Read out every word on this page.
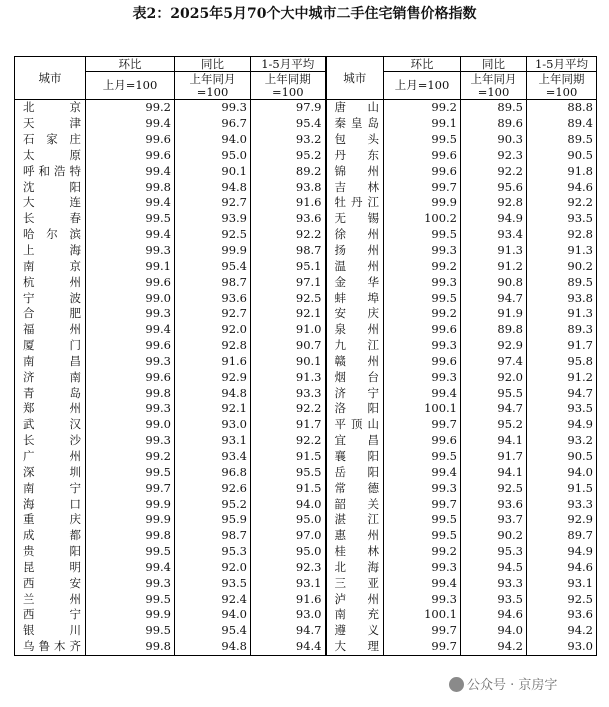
表2：2025年5月70个大中城市二手住宅销售价格指数
城市	环比	同比	1-5月平均	城市	环比	同比	1-5月平均
	上月=100	上年同月=100	上年同期=100		上月=100	上年同月=100	上年同期=100
北京	99.2	99.3	97.9	唐山	99.2	89.5	88.8
天津	99.4	96.7	95.4	秦皇岛	99.1	89.6	89.4
石家庄	99.6	94.0	93.2	包头	99.5	90.3	89.5
太原	99.6	95.0	95.2	丹东	99.6	92.3	90.5
呼和浩特	99.4	90.1	89.2	锦州	99.6	92.2	91.8
沈阳	99.8	94.8	93.8	吉林	99.7	95.6	94.6
大连	99.4	92.7	91.6	牡丹江	99.9	92.8	92.2
长春	99.5	93.9	93.6	无锡	100.2	94.9	93.5
哈尔滨	99.4	92.5	92.2	徐州	99.5	93.4	92.8
上海	99.3	99.9	98.7	扬州	99.3	91.3	91.3
南京	99.1	95.4	95.1	温州	99.2	91.2	90.2
杭州	99.6	98.7	97.1	金华	99.3	90.8	89.5
宁波	99.0	93.6	92.5	蚌埠	99.5	94.7	93.8
合肥	99.3	92.7	92.1	安庆	99.2	91.9	91.3
福州	99.4	92.0	91.0	泉州	99.6	89.8	89.3
厦门	99.6	92.8	90.7	九江	99.3	92.9	91.7
南昌	99.3	91.6	90.1	赣州	99.6	97.4	95.8
济南	99.6	92.9	91.3	烟台	99.3	92.0	91.2
青岛	99.8	94.8	93.3	济宁	99.4	95.5	94.7
郑州	99.3	92.1	92.2	洛阳	100.1	94.7	93.5
武汉	99.0	93.0	91.7	平顶山	99.7	95.2	94.9
长沙	99.3	93.1	92.2	宜昌	99.6	94.1	93.2
广州	99.2	93.4	91.5	襄阳	99.5	91.7	90.5
深圳	99.5	96.8	95.5	岳阳	99.4	94.1	94.0
南宁	99.7	92.6	91.5	常德	99.3	92.5	91.5
海口	99.9	95.2	94.0	韶关	99.7	93.6	93.3
重庆	99.9	95.9	95.0	湛江	99.5	93.7	92.9
成都	99.8	98.7	97.0	惠州	99.5	90.2	89.7
贵阳	99.5	95.3	95.0	桂林	99.2	95.3	94.9
昆明	99.4	92.0	92.3	北海	99.3	94.5	94.6
西安	99.3	93.5	93.1	三亚	99.4	93.3	93.1
兰州	99.5	92.4	91.6	泸州	99.3	93.5	92.5
西宁	99.9	94.0	93.0	南充	100.1	94.6	93.6
银川	99.5	95.4	94.7	遵义	99.7	94.0	94.2
乌鲁木齐	99.8	94.8	94.4	大理	99.7	94.2	93.0
公众号 · 京房字
